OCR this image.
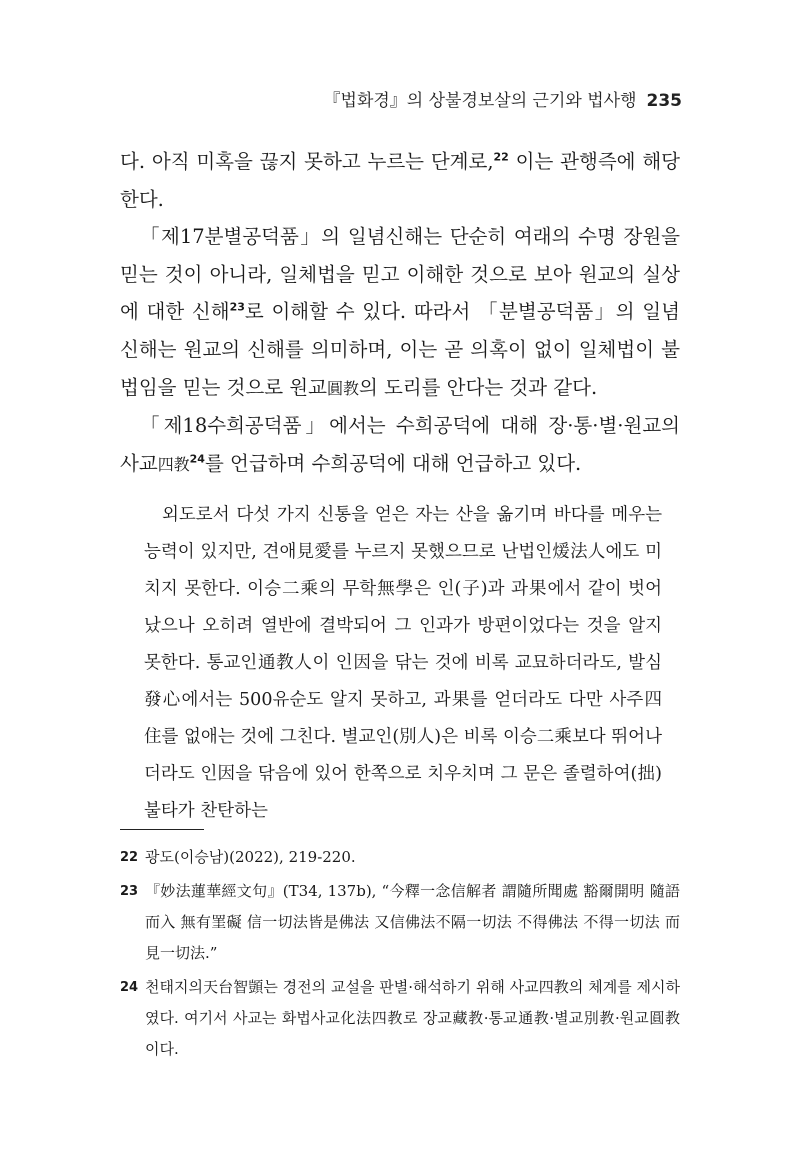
『법화경』의 상불경보살의 근기와 법사행 235

다. 아직 미혹을 끊지 못하고 누르는 단계로,$^{22}$ 이는 관행즉에 해당한다.

「제17분별공덕품」의 일념신해는 단순히 여래의 수명 장원을 믿는 것이 아니라, 일체법을 믿고 이해한 것으로 보아 원교의 실상에 대한 신해$^{23}$로 이해할 수 있다. 따라서 「분별공덕품」의 일념신해는 원교의 신해를 의미하며, 이는 곧 의혹이 없이 일체법이 불법임을 믿는 것으로 원교圓教의 도리를 안다는 것과 같다.

「제18수희공덕품」에서는 수희공덕에 대해 장·통·별·원교의 사교四教$^{24}$를 언급하며 수희공덕에 대해 언급하고 있다.

외도로서 다섯 가지 신통을 얻은 자는 산을 옮기며 바다를 메우는 능력이 있지만, 견애見愛를 누르지 못했으므로 난법인煖法人에도 미치지 못한다. 이승二乘의 무학無學은 인(子)과 과果에서 같이 벗어났으나 오히려 열반에 결박되어 그 인과가 방편이었다는 것을 알지 못한다. 통교인通教人이 인因을 닦는 것에 비록 교묘하더라도, 발심發心에서는 500유순도 알지 못하고, 과果를 얻더라도 다만 사주四住를 없애는 것에 그친다. 별교인(別人)은 비록 이승二乘보다 뛰어나더라도 인因을 닦음에 있어 한쪽으로 치우치며 그 문은 졸렬하여(拙) 불타가 찬탄하는

22 광도(이승남)(2022), 219-220.
23 『妙法蓮華經文句』(T34, 137b), “今釋一念信解者 謂隨所聞處 豁爾開明 隨語而入 無有罣礙 信一切法皆是佛法 又信佛法不隔一切法 不得佛法 不得一切法 而見一切法.”
24 천태지의天台智顗는 경전의 교설을 판별·해석하기 위해 사교四教의 체계를 제시하였다. 여기서 사교는 화법사교化法四教로 장교藏教·통교通教·별교別教·원교圓教이다.
